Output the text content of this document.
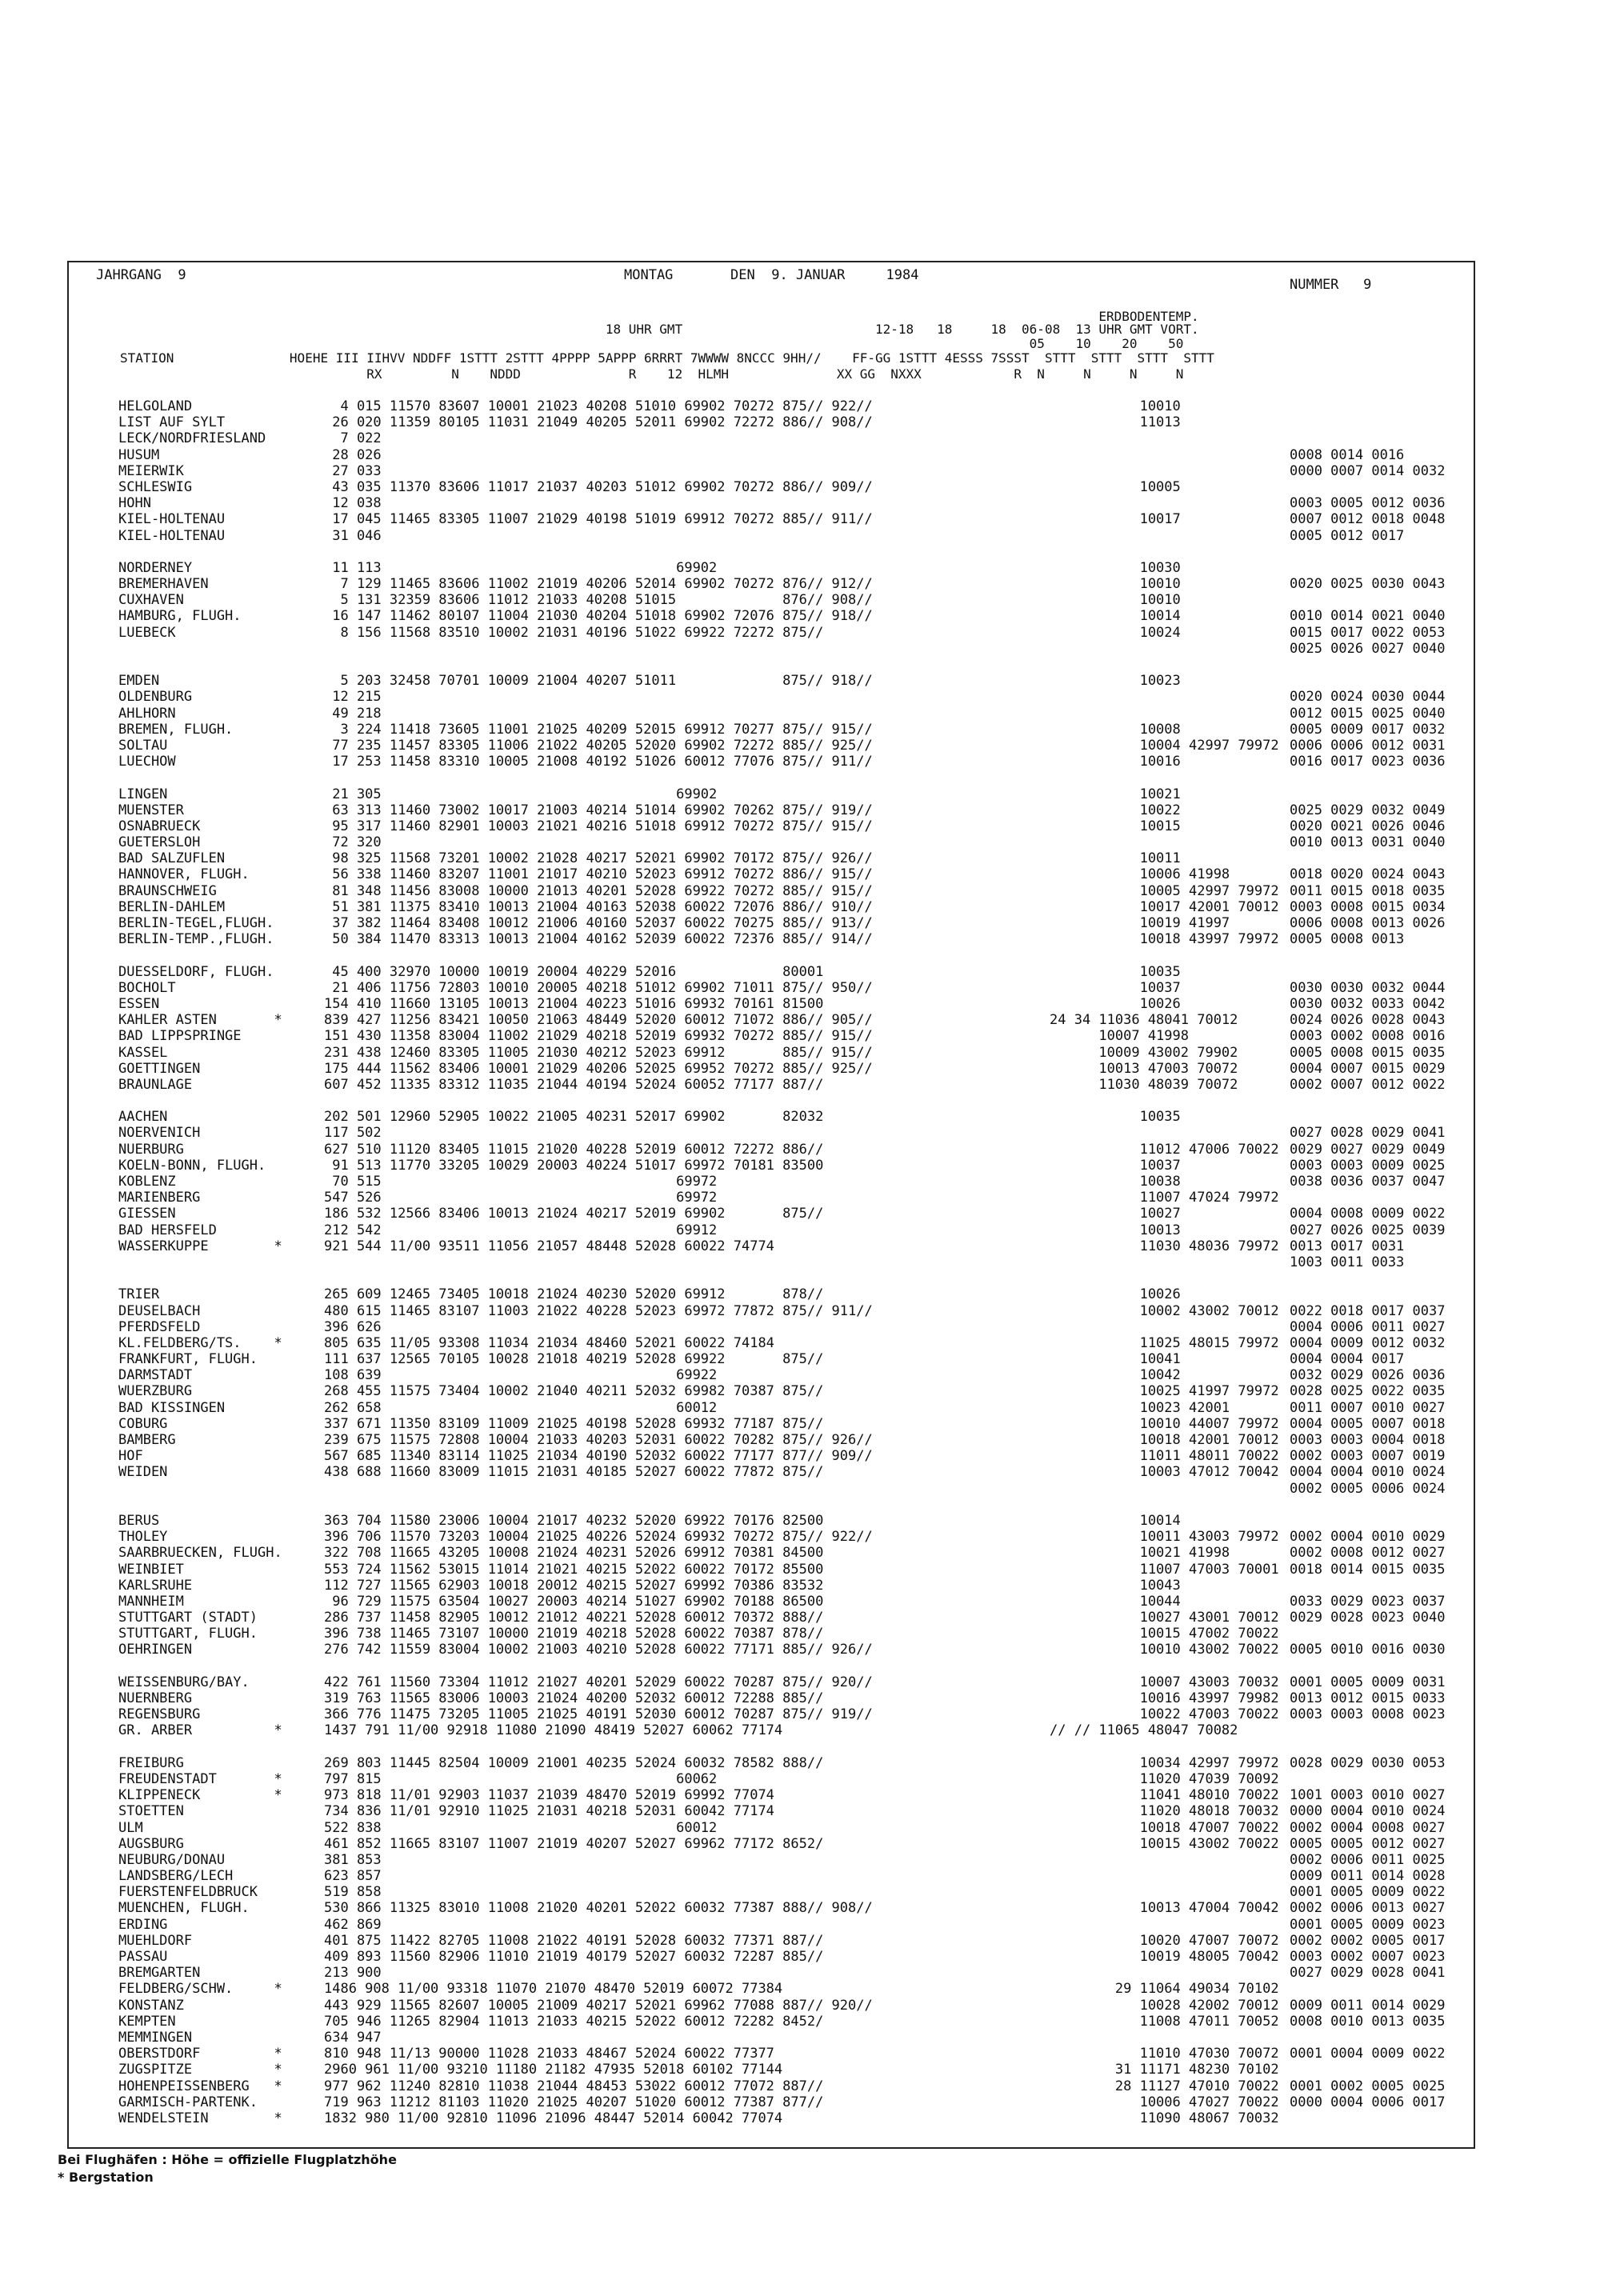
JAHRGANG  9	MONTAG       DEN  9. JANUAR     1984
NUMMER   9
ERDBODENTEMP.
18 UHR GMT                         12-18   18     18  06-08  13 UHR GMT VORT.
05    10    20    50
STATION               HOEHE III IIHVV NDDFF 1STTT 2STTT 4PPPP 5APPP 6RRRT 7WWWW 8NCCC 9HH//    FF-GG 1STTT 4ESSS 7SSST  STTT  STTT  STTT  STTT
RX         N    NDDD              R    12  HLMH              XX GG  NXXX            R  N     N     N     N
HELGOLAND
LIST AUF SYLT
LECK/NORDFRIESLAND
HUSUM
MEIERWIK
SCHLESWIG
HOHN
KIEL-HOLTENAU
KIEL-HOLTENAU
NORDERNEY
BREMERHAVEN
CUXHAVEN
HAMBURG, FLUGH.
LUEBECK
EMDEN
OLDENBURG
AHLHORN
BREMEN, FLUGH.
SOLTAU
LUECHOW
LINGEN
MUENSTER
OSNABRUECK
GUETERSLOH
BAD SALZUFLEN
HANNOVER, FLUGH.
BRAUNSCHWEIG
BERLIN-DAHLEM
BERLIN-TEGEL,FLUGH.
BERLIN-TEMP.,FLUGH.
DUESSELDORF, FLUGH.
BOCHOLT
ESSEN
KAHLER ASTEN       *
BAD LIPPSPRINGE
KASSEL
GOETTINGEN
BRAUNLAGE
AACHEN
NOERVENICH
NUERBURG
KOELN-BONN, FLUGH.
KOBLENZ
MARIENBERG
GIESSEN
BAD HERSFELD
WASSERKUPPE        *
TRIER
DEUSELBACH
PFERDSFELD
KL.FELDBERG/TS.    *
FRANKFURT, FLUGH.
DARMSTADT
WUERZBURG
BAD KISSINGEN
COBURG
BAMBERG
HOF
WEIDEN
BERUS
THOLEY
SAARBRUECKEN, FLUGH.
WEINBIET
KARLSRUHE
MANNHEIM
STUTTGART (STADT)
STUTTGART, FLUGH.
OEHRINGEN
WEISSENBURG/BAY.
NUERNBERG
REGENSBURG
GR. ARBER          *
FREIBURG
FREUDENSTADT       *
KLIPPENECK         *
STOETTEN
ULM
AUGSBURG
NEUBURG/DONAU
LANDSBERG/LECH
FUERSTENFELDBRUCK
MUENCHEN, FLUGH.
ERDING
MUEHLDORF
PASSAU
BREMGARTEN
FELDBERG/SCHW.     *
KONSTANZ
KEMPTEN
MEMMINGEN
OBERSTDORF         *
ZUGSPITZE          *
HOHENPEISSENBERG   *
GARMISCH-PARTENK.
WENDELSTEIN        *
4 015 11570 83607 10001 21023 40208 51010 69902 70272 875// 922//
26 020 11359 80105 11031 21049 40205 52011 69902 72272 886// 908//
7 022
28 026
27 033
43 035 11370 83606 11017 21037 40203 51012 69902 70272 886// 909//
12 038
17 045 11465 83305 11007 21029 40198 51019 69912 70272 885// 911//
31 046
11 113                                    69902
7 129 11465 83606 11002 21019 40206 52014 69902 70272 876// 912//
5 131 32359 83606 11012 21033 40208 51015             876// 908//
16 147 11462 80107 11004 21030 40204 51018 69902 72076 875// 918//
8 156 11568 83510 10002 21031 40196 51022 69922 72272 875//
5 203 32458 70701 10009 21004 40207 51011             875// 918//
12 215
49 218
3 224 11418 73605 11001 21025 40209 52015 69912 70277 875// 915//
77 235 11457 83305 11006 21022 40205 52020 69902 72272 885// 925//
17 253 11458 83310 10005 21008 40192 51026 60012 77076 875// 911//
21 305                                    69902
63 313 11460 73002 10017 21003 40214 51014 69902 70262 875// 919//
95 317 11460 82901 10003 21021 40216 51018 69912 70272 875// 915//
72 320
98 325 11568 73201 10002 21028 40217 52021 69902 70172 875// 926//
56 338 11460 83207 11001 21017 40210 52023 69912 70272 886// 915//
81 348 11456 83008 10000 21013 40201 52028 69922 70272 885// 915//
51 381 11375 83410 10013 21004 40163 52038 60022 72076 886// 910//
37 382 11464 83408 10012 21006 40160 52037 60022 70275 885// 913//
50 384 11470 83313 10013 21004 40162 52039 60022 72376 885// 914//
45 400 32970 10000 10019 20004 40229 52016             80001
21 406 11756 72803 10010 20005 40218 51012 69902 71011 875// 950//
154 410 11660 13105 10013 21004 40223 51016 69932 70161 81500
839 427 11256 83421 10050 21063 48449 52020 60012 71072 886// 905//
151 430 11358 83004 11002 21029 40218 52019 69932 70272 885// 915//
231 438 12460 83305 11005 21030 40212 52023 69912       885// 915//
175 444 11562 83406 10001 21029 40206 52025 69952 70272 885// 925//
607 452 11335 83312 11035 21044 40194 52024 60052 77177 887//
202 501 12960 52905 10022 21005 40231 52017 69902       82032
117 502
627 510 11120 83405 11015 21020 40228 52019 60012 72272 886//
91 513 11770 33205 10029 20003 40224 51017 69972 70181 83500
70 515                                    69972
547 526                                    69972
186 532 12566 83406 10013 21024 40217 52019 69902       875//
212 542                                    69912
921 544 11/00 93511 11056 21057 48448 52028 60022 74774
265 609 12465 73405 10018 21024 40230 52020 69912       878//
480 615 11465 83107 11003 21022 40228 52023 69972 77872 875// 911//
396 626
805 635 11/05 93308 11034 21034 48460 52021 60022 74184
111 637 12565 70105 10028 21018 40219 52028 69922       875//
108 639                                    69922
268 455 11575 73404 10002 21040 40211 52032 69982 70387 875//
262 658                                    60012
337 671 11350 83109 11009 21025 40198 52028 69932 77187 875//
239 675 11575 72808 10004 21033 40203 52031 60022 70282 875// 926//
567 685 11340 83114 11025 21034 40190 52032 60022 77177 877// 909//
438 688 11660 83009 11015 21031 40185 52027 60022 77872 875//
363 704 11580 23006 10004 21017 40232 52020 69922 70176 82500
396 706 11570 73203 10004 21025 40226 52024 69932 70272 875// 922//
322 708 11665 43205 10008 21024 40231 52026 69912 70381 84500
553 724 11562 53015 11014 21021 40215 52022 60022 70172 85500
112 727 11565 62903 10018 20012 40215 52027 69992 70386 83532
96 729 11575 63504 10027 20003 40214 51027 69902 70188 86500
286 737 11458 82905 10012 21012 40221 52028 60012 70372 888//
396 738 11465 73107 10000 21019 40218 52028 60022 70387 878//
276 742 11559 83004 10002 21003 40210 52028 60022 77171 885// 926//
422 761 11560 73304 11012 21027 40201 52029 60022 70287 875// 920//
319 763 11565 83006 10003 21024 40200 52032 60012 72288 885//
366 776 11475 73205 11005 21025 40191 52030 60012 70287 875// 919//
1437 791 11/00 92918 11080 21090 48419 52027 60062 77174
269 803 11445 82504 10009 21001 40235 52024 60032 78582 888//
797 815                                    60062
973 818 11/01 92903 11037 21039 48470 52019 69992 77074
734 836 11/01 92910 11025 21031 40218 52031 60042 77174
522 838                                    60012
461 852 11665 83107 11007 21019 40207 52027 69962 77172 8652/
381 853
623 857
519 858
530 866 11325 83010 11008 21020 40201 52022 60032 77387 888// 908//
462 869
401 875 11422 82705 11008 21022 40191 52028 60032 77371 887//
409 893 11560 82906 11010 21019 40179 52027 60032 72287 885//
213 900
1486 908 11/00 93318 11070 21070 48470 52019 60072 77384
443 929 11565 82607 10005 21009 40217 52021 69962 77088 887// 920//
705 946 11265 82904 11013 21033 40215 52022 60012 72282 8452/
634 947
810 948 11/13 90000 11028 21033 48467 52024 60022 77377
2960 961 11/00 93210 11180 21182 47935 52018 60102 77144
977 962 11240 82810 11038 21044 48453 53022 60012 77072 887//
719 963 11212 81103 11020 21025 40207 51020 60012 77387 877//
1832 980 11/00 92810 11096 21096 48447 52014 60042 77074
10010
11013
10005
10017
10030
10010
10010
10014
10024
10023
10008
10004 42997 79972
10016
10021
10022
10015
10011
10006 41998
10005 42997 79972
10017 42001 70012
10019 41997
10018 43997 79972
10035
10037
10026
24 34 11036 48041 70012
10007 41998
10009 43002 79902
10013 47003 70072
11030 48039 70072
10035
11012 47006 70022
10037
10038
11007 47024 79972
10027
10013
11030 48036 79972
10026
10002 43002 70012
11025 48015 79972
10041
10042
10025 41997 79972
10023 42001
10010 44007 79972
10018 42001 70012
11011 48011 70022
10003 47012 70042
10014
10011 43003 79972
10021 41998
11007 47003 70001
10043
10044
10027 43001 70012
10015 47002 70022
10010 43002 70022
10007 43003 70032
10016 43997 79982
10022 47003 70022
// // 11065 48047 70082
10034 42997 79972
11020 47039 70092
11041 48010 70022
11020 48018 70032
10018 47007 70022
10015 43002 70022
10013 47004 70042
10020 47007 70072
10019 48005 70042
29 11064 49034 70102
10028 42002 70012
11008 47011 70052
11010 47030 70072
31 11171 48230 70102
28 11127 47010 70022
10006 47027 70022
11090 48067 70032
0008 0014 0016
0000 0007 0014 0032
0003 0005 0012 0036
0007 0012 0018 0048
0005 0012 0017
0020 0025 0030 0043
0010 0014 0021 0040
0015 0017 0022 0053
0025 0026 0027 0040
0020 0024 0030 0044
0012 0015 0025 0040
0005 0009 0017 0032
0006 0006 0012 0031
0016 0017 0023 0036
0025 0029 0032 0049
0020 0021 0026 0046
0010 0013 0031 0040
0018 0020 0024 0043
0011 0015 0018 0035
0003 0008 0015 0034
0006 0008 0013 0026
0005 0008 0013
0030 0030 0032 0044
0030 0032 0033 0042
0024 0026 0028 0043
0003 0002 0008 0016
0005 0008 0015 0035
0004 0007 0015 0029
0002 0007 0012 0022
0027 0028 0029 0041
0029 0027 0029 0049
0003 0003 0009 0025
0038 0036 0037 0047
0004 0008 0009 0022
0027 0026 0025 0039
0013 0017 0031
1003 0011 0033
0022 0018 0017 0037
0004 0006 0011 0027
0004 0009 0012 0032
0004 0004 0017
0032 0029 0026 0036
0028 0025 0022 0035
0011 0007 0010 0027
0004 0005 0007 0018
0003 0003 0004 0018
0002 0003 0007 0019
0004 0004 0010 0024
0002 0005 0006 0024
0002 0004 0010 0029
0002 0008 0012 0027
0018 0014 0015 0035
0033 0029 0023 0037
0029 0028 0023 0040
0005 0010 0016 0030
0001 0005 0009 0031
0013 0012 0015 0033
0003 0003 0008 0023
0028 0029 0030 0053
1001 0003 0010 0027
0000 0004 0010 0024
0002 0004 0008 0027
0005 0005 0012 0027
0002 0006 0011 0025
0009 0011 0014 0028
0001 0005 0009 0022
0002 0006 0013 0027
0001 0005 0009 0023
0002 0002 0005 0017
0003 0002 0007 0023
0027 0029 0028 0041
0009 0011 0014 0029
0008 0010 0013 0035
0001 0004 0009 0022
0001 0002 0005 0025
0000 0004 0006 0017
Bei Flughäfen : Höhe = offizielle Flugplatzhöhe
* Bergstation
